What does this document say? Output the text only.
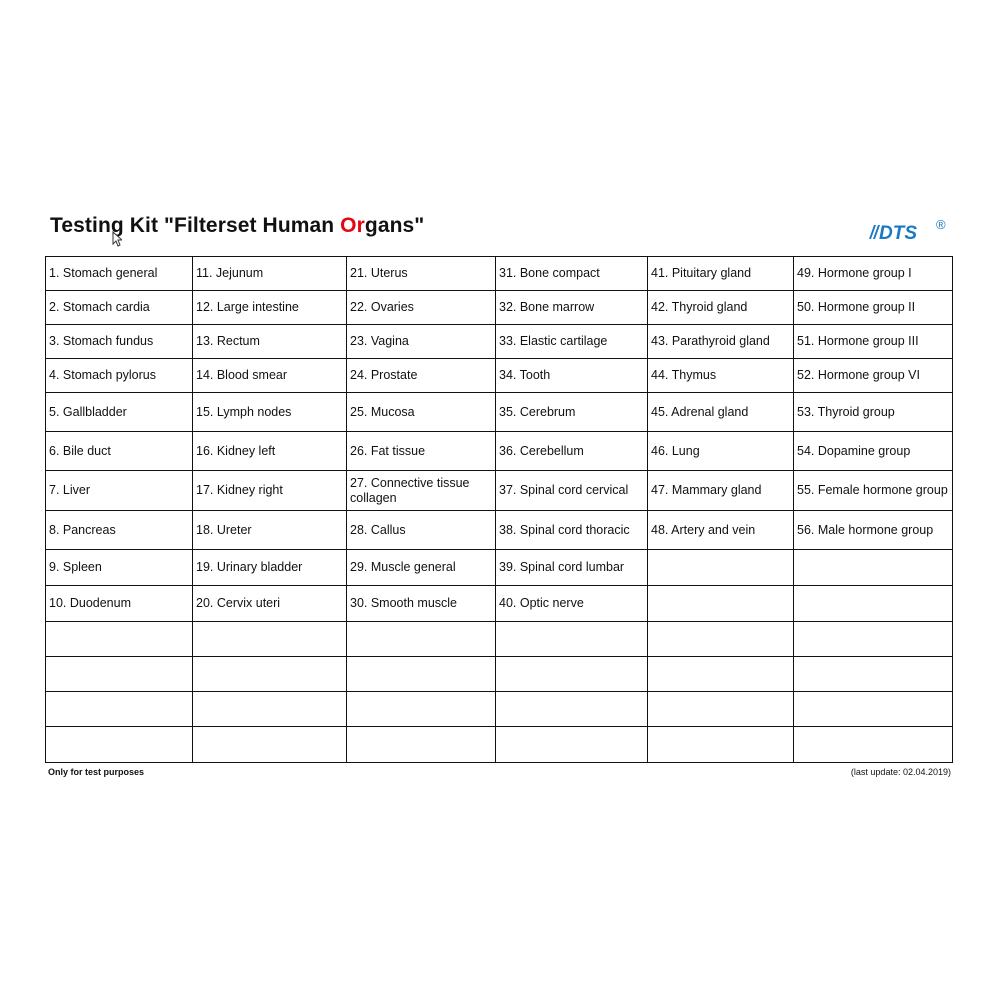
Testing Kit "Filterset Human Organs"	DTS ®
1. Stomach general	11. Jejunum	21. Uterus	31. Bone compact	41. Pituitary gland	49. Hormone group I
2. Stomach cardia	12. Large intestine	22. Ovaries	32. Bone marrow	42. Thyroid gland	50. Hormone group II
3. Stomach fundus	13. Rectum	23. Vagina	33. Elastic cartilage	43. Parathyroid gland	51. Hormone group III
4. Stomach pylorus	14. Blood smear	24. Prostate	34. Tooth	44. Thymus	52. Hormone group VI
5. Gallbladder	15. Lymph nodes	25. Mucosa	35. Cerebrum	45. Adrenal gland	53. Thyroid group
6. Bile duct	16. Kidney left	26. Fat tissue	36. Cerebellum	46. Lung	54. Dopamine group
7. Liver	17. Kidney right	27. Connective tissue collagen	37. Spinal cord cervical	47. Mammary gland	55. Female hormone group
8. Pancreas	18. Ureter	28. Callus	38. Spinal cord thoracic	48. Artery and vein	56. Male hormone group
9. Spleen	19. Urinary bladder	29. Muscle general	39. Spinal cord lumbar		
10. Duodenum	20. Cervix uteri	30. Smooth muscle	40. Optic nerve		

Only for test purposes	(last update: 02.04.2019)
